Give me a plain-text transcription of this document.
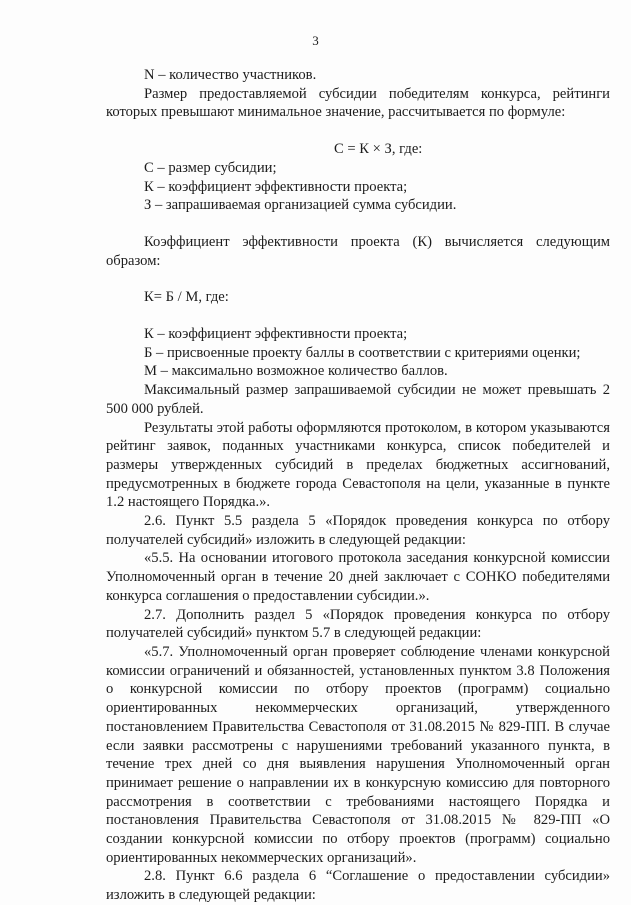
3

N – количество участников.

Размер предоставляемой субсидии победителям конкурса, рейтинги которых превышают минимальное значение, рассчитывается по формуле:

С = К × З, где:

С – размер субсидии;

К – коэффициент эффективности проекта;

З – запрашиваемая организацией сумма субсидии.

Коэффициент эффективности проекта (К) вычисляется следующим образом:

К= Б / М, где:

К – коэффициент эффективности проекта;

Б – присвоенные проекту баллы в соответствии с критериями оценки;

М – максимально возможное количество баллов.

Максимальный размер запрашиваемой субсидии не может превышать 2 500 000 рублей.

Результаты этой работы оформляются протоколом, в котором указываются рейтинг заявок, поданных участниками конкурса, список победителей и размеры утвержденных субсидий в пределах бюджетных ассигнований, предусмотренных в бюджете города Севастополя на цели, указанные в пункте 1.2 настоящего Порядка.».

2.6. Пункт 5.5 раздела 5 «Порядок проведения конкурса по отбору получателей субсидий» изложить в следующей редакции:

«5.5. На основании итогового протокола заседания конкурсной комиссии Уполномоченный орган в течение 20 дней заключает с СОНКО победителями конкурса соглашения о предоставлении субсидии.».

2.7. Дополнить раздел 5 «Порядок проведения конкурса по отбору получателей субсидий» пунктом 5.7 в следующей редакции:

«5.7. Уполномоченный орган проверяет соблюдение членами конкурсной комиссии ограничений и обязанностей, установленных пунктом 3.8 Положения о конкурсной комиссии по отбору проектов (программ) социально ориентированных некоммерческих организаций, утвержденного постановлением Правительства Севастополя от 31.08.2015 № 829-ПП. В случае если заявки рассмотрены с нарушениями требований указанного пункта, в течение трех дней со дня выявления нарушения Уполномоченный орган принимает решение о направлении их в конкурсную комиссию для повторного рассмотрения в соответствии с требованиями настоящего Порядка и постановления Правительства Севастополя от 31.08.2015 № 829-ПП «О создании конкурсной комиссии по отбору проектов (программ) социально ориентированных некоммерческих организаций».

2.8. Пункт 6.6 раздела 6 “Соглашение о предоставлении субсидии» изложить в следующей редакции:
